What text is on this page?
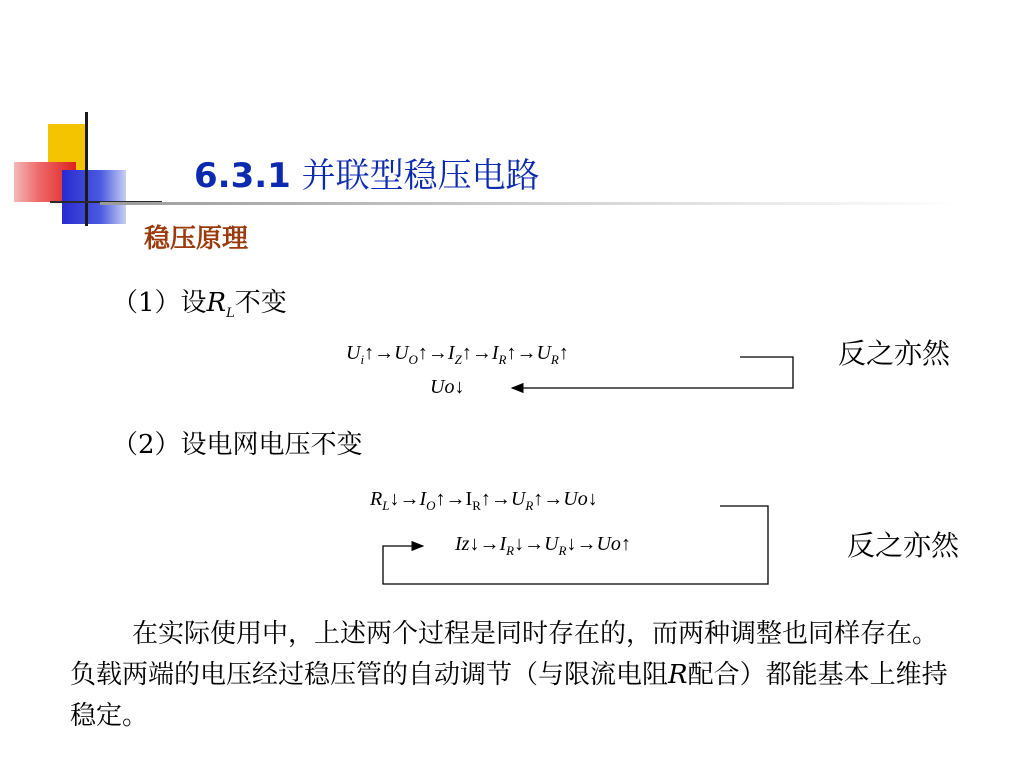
6.3.1 并联型稳压电路
稳压原理
（1）设$R_L$不变
$U_i↑\to U_O↑\to I_Z↑\to I_R↑\to U_R↑$
Uo↓
反之亦然
（2）设电网电压不变
$R_L↓\to I_O↑\to I_R↑\to U_R↑\to Uo↓$
$Iz↓\to I_R↓\to U_R↓\to Uo↑$	反之亦然
在实际使用中，上述两个过程是同时存在的，而两种调整也同样存在。负载两端的电压经过稳压管的自动调节（与限流电阻R配合）都能基本上维持稳定。
